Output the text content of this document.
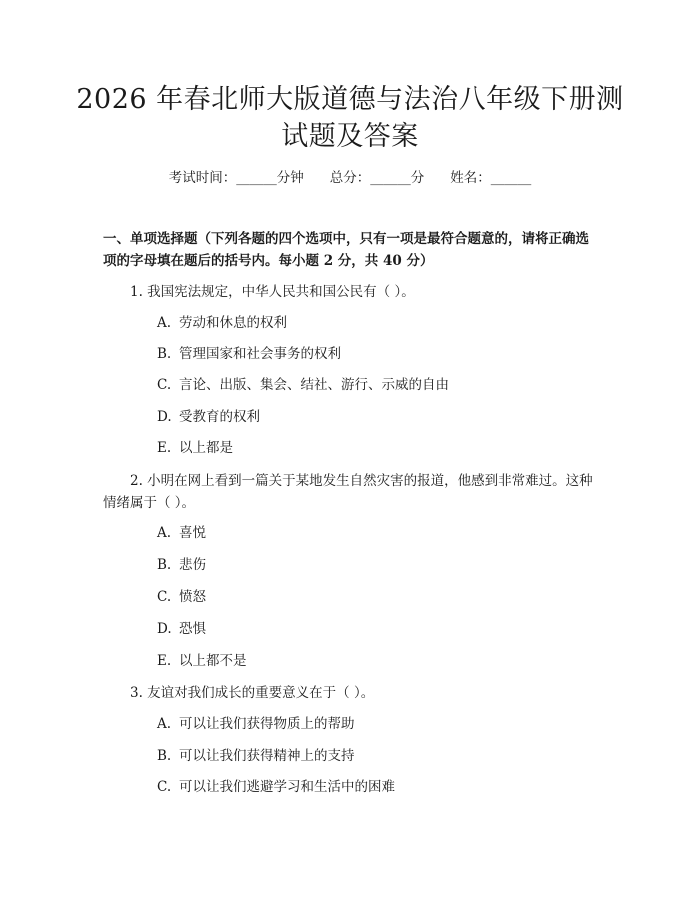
2026 年春北师大版道德与法治八年级下册测
试题及答案
考试时间：______分钟 总分：______分 姓名：______
一、单项选择题（下列各题的四个选项中，只有一项是最符合题意的，请将正确选项的字母填在题后的括号内。每小题 2 分，共 40 分）
1. 我国宪法规定，中华人民共和国公民有（ ）。
A. 劳动和休息的权利
B. 管理国家和社会事务的权利
C. 言论、出版、集会、结社、游行、示威的自由
D. 受教育的权利
E. 以上都是
2. 小明在网上看到一篇关于某地发生自然灾害的报道，他感到非常难过。这种情绪属于（ ）。
A. 喜悦
B. 悲伤
C. 愤怒
D. 恐惧
E. 以上都不是
3. 友谊对我们成长的重要意义在于（ ）。
A. 可以让我们获得物质上的帮助
B. 可以让我们获得精神上的支持
C. 可以让我们逃避学习和生活中的困难
